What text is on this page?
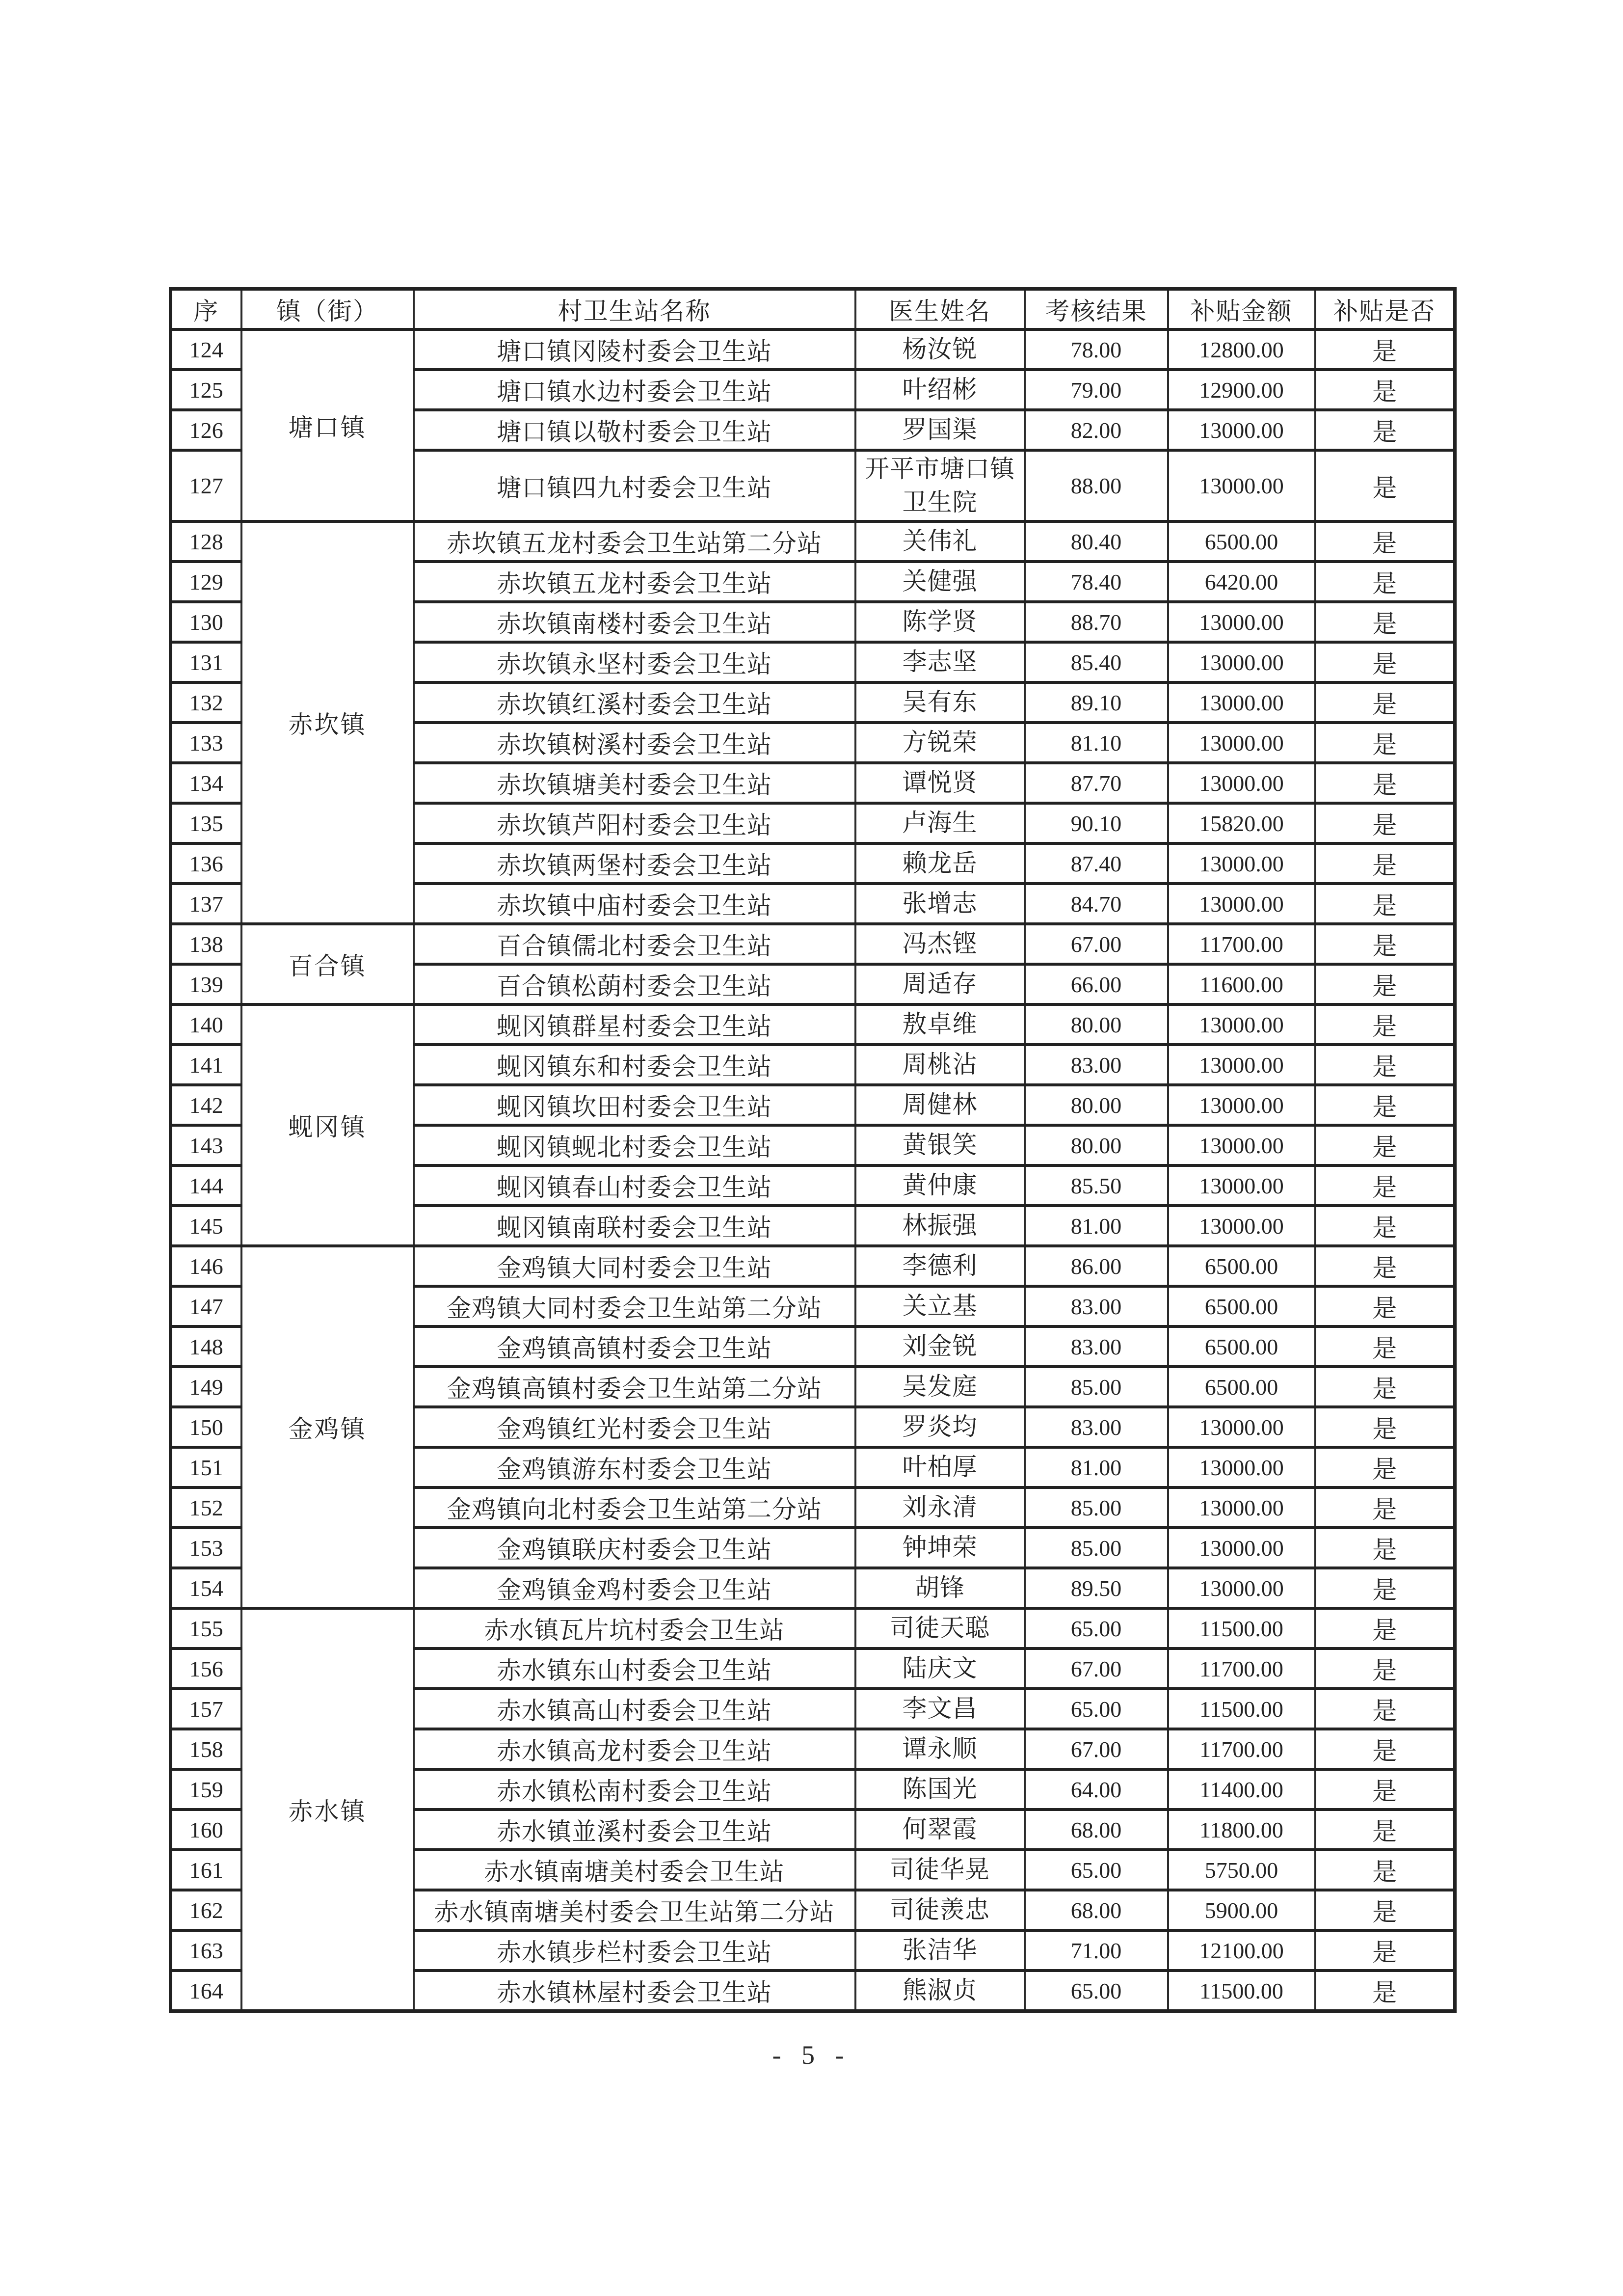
序	镇（街）	村卫生站名称	医生姓名	考核结果	补贴金额	补贴是否
124	塘口镇	塘口镇冈陵村委会卫生站	杨汝锐	78.00	12800.00	是
125		塘口镇水边村委会卫生站	叶绍彬	79.00	12900.00	是
126		塘口镇以敬村委会卫生站	罗国渠	82.00	13000.00	是
127		塘口镇四九村委会卫生站	开平市塘口镇卫生院	88.00	13000.00	是
128	赤坎镇	赤坎镇五龙村委会卫生站第二分站	关伟礼	80.40	6500.00	是
129		赤坎镇五龙村委会卫生站	关健强	78.40	6420.00	是
130		赤坎镇南楼村委会卫生站	陈学贤	88.70	13000.00	是
131		赤坎镇永坚村委会卫生站	李志坚	85.40	13000.00	是
132		赤坎镇红溪村委会卫生站	吴有东	89.10	13000.00	是
133		赤坎镇树溪村委会卫生站	方锐荣	81.10	13000.00	是
134		赤坎镇塘美村委会卫生站	谭悦贤	87.70	13000.00	是
135		赤坎镇芦阳村委会卫生站	卢海生	90.10	15820.00	是
136		赤坎镇两堡村委会卫生站	赖龙岳	87.40	13000.00	是
137		赤坎镇中庙村委会卫生站	张增志	84.70	13000.00	是
138	百合镇	百合镇儒北村委会卫生站	冯杰铿	67.00	11700.00	是
139		百合镇松蓢村委会卫生站	周适存	66.00	11600.00	是
140	蚬冈镇	蚬冈镇群星村委会卫生站	敖卓维	80.00	13000.00	是
141		蚬冈镇东和村委会卫生站	周桃沾	83.00	13000.00	是
142		蚬冈镇坎田村委会卫生站	周健林	80.00	13000.00	是
143		蚬冈镇蚬北村委会卫生站	黄银笑	80.00	13000.00	是
144		蚬冈镇春山村委会卫生站	黄仲康	85.50	13000.00	是
145		蚬冈镇南联村委会卫生站	林振强	81.00	13000.00	是
146	金鸡镇	金鸡镇大同村委会卫生站	李德利	86.00	6500.00	是
147		金鸡镇大同村委会卫生站第二分站	关立基	83.00	6500.00	是
148		金鸡镇高镇村委会卫生站	刘金锐	83.00	6500.00	是
149		金鸡镇高镇村委会卫生站第二分站	吴发庭	85.00	6500.00	是
150		金鸡镇红光村委会卫生站	罗炎均	83.00	13000.00	是
151		金鸡镇游东村委会卫生站	叶柏厚	81.00	13000.00	是
152		金鸡镇向北村委会卫生站第二分站	刘永清	85.00	13000.00	是
153		金鸡镇联庆村委会卫生站	钟坤荣	85.00	13000.00	是
154		金鸡镇金鸡村委会卫生站	胡锋	89.50	13000.00	是
155	赤水镇	赤水镇瓦片坑村委会卫生站	司徒天聪	65.00	11500.00	是
156		赤水镇东山村委会卫生站	陆庆文	67.00	11700.00	是
157		赤水镇高山村委会卫生站	李文昌	65.00	11500.00	是
158		赤水镇高龙村委会卫生站	谭永顺	67.00	11700.00	是
159		赤水镇松南村委会卫生站	陈国光	64.00	11400.00	是
160		赤水镇並溪村委会卫生站	何翠霞	68.00	11800.00	是
161		赤水镇南塘美村委会卫生站	司徒华晃	65.00	5750.00	是
162		赤水镇南塘美村委会卫生站第二分站	司徒羡忠	68.00	5900.00	是
163		赤水镇步栏村委会卫生站	张洁华	71.00	12100.00	是
164		赤水镇林屋村委会卫生站	熊淑贞	65.00	11500.00	是
- 5 -
